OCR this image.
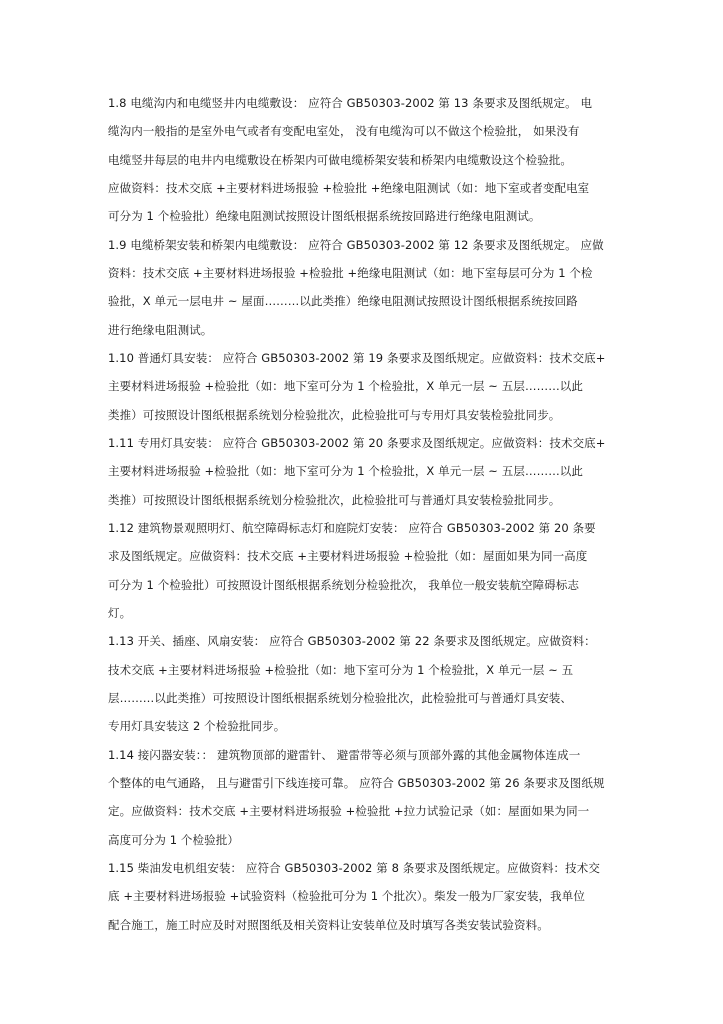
1.8 电缆沟内和电缆竖井内电缆敷设： 应符合 GB50303-2002 第 13 条要求及图纸规定。 电
缆沟内一般指的是室外电气或者有变配电室处， 没有电缆沟可以不做这个检验批， 如果没有
电缆竖井每层的电井内电缆敷设在桥架内可做电缆桥架安装和桥架内电缆敷设这个检验批。
应做资料：技术交底 +主要材料进场报验 +检验批 +绝缘电阻测试（如：地下室或者变配电室
可分为 1 个检验批）绝缘电阻测试按照设计图纸根据系统按回路进行绝缘电阻测试。
1.9 电缆桥架安装和桥架内电缆敷设： 应符合 GB50303-2002 第 12 条要求及图纸规定。 应做
资料：技术交底 +主要材料进场报验 +检验批 +绝缘电阻测试（如：地下室每层可分为 1 个检
验批，X 单元一层电井 ~ 屋面………以此类推）绝缘电阻测试按照设计图纸根据系统按回路
进行绝缘电阻测试。
1.10 普通灯具安装： 应符合 GB50303-2002 第 19 条要求及图纸规定。应做资料：技术交底+
主要材料进场报验 +检验批（如：地下室可分为 1 个检验批，X 单元一层 ~ 五层………以此
类推）可按照设计图纸根据系统划分检验批次，此检验批可与专用灯具安装检验批同步。
1.11 专用灯具安装： 应符合 GB50303-2002 第 20 条要求及图纸规定。应做资料：技术交底+
主要材料进场报验 +检验批（如：地下室可分为 1 个检验批，X 单元一层 ~ 五层………以此
类推）可按照设计图纸根据系统划分检验批次，此检验批可与普通灯具安装检验批同步。
1.12 建筑物景观照明灯、航空障碍标志灯和庭院灯安装： 应符合 GB50303-2002 第 20 条要
求及图纸规定。应做资料：技术交底 +主要材料进场报验 +检验批（如：屋面如果为同一高度
可分为 1 个检验批）可按照设计图纸根据系统划分检验批次， 我单位一般安装航空障碍标志
灯。
1.13 开关、插座、风扇安装： 应符合 GB50303-2002 第 22 条要求及图纸规定。应做资料：
技术交底 +主要材料进场报验 +检验批（如：地下室可分为 1 个检验批，X 单元一层 ~ 五
层………以此类推）可按照设计图纸根据系统划分检验批次，此检验批可与普通灯具安装、
专用灯具安装这 2 个检验批同步。
1.14 接闪器安装：： 建筑物顶部的避雷针、 避雷带等必须与顶部外露的其他金属物体连成一
个整体的电气通路， 且与避雷引下线连接可靠。 应符合 GB50303-2002 第 26 条要求及图纸规
定。应做资料：技术交底 +主要材料进场报验 +检验批 +拉力试验记录（如：屋面如果为同一
高度可分为 1 个检验批）
1.15 柴油发电机组安装： 应符合 GB50303-2002 第 8 条要求及图纸规定。应做资料：技术交
底 +主要材料进场报验 +试验资料（检验批可分为 1 个批次）。柴发一般为厂家安装，我单位
配合施工，施工时应及时对照图纸及相关资料让安装单位及时填写各类安装试验资料。
